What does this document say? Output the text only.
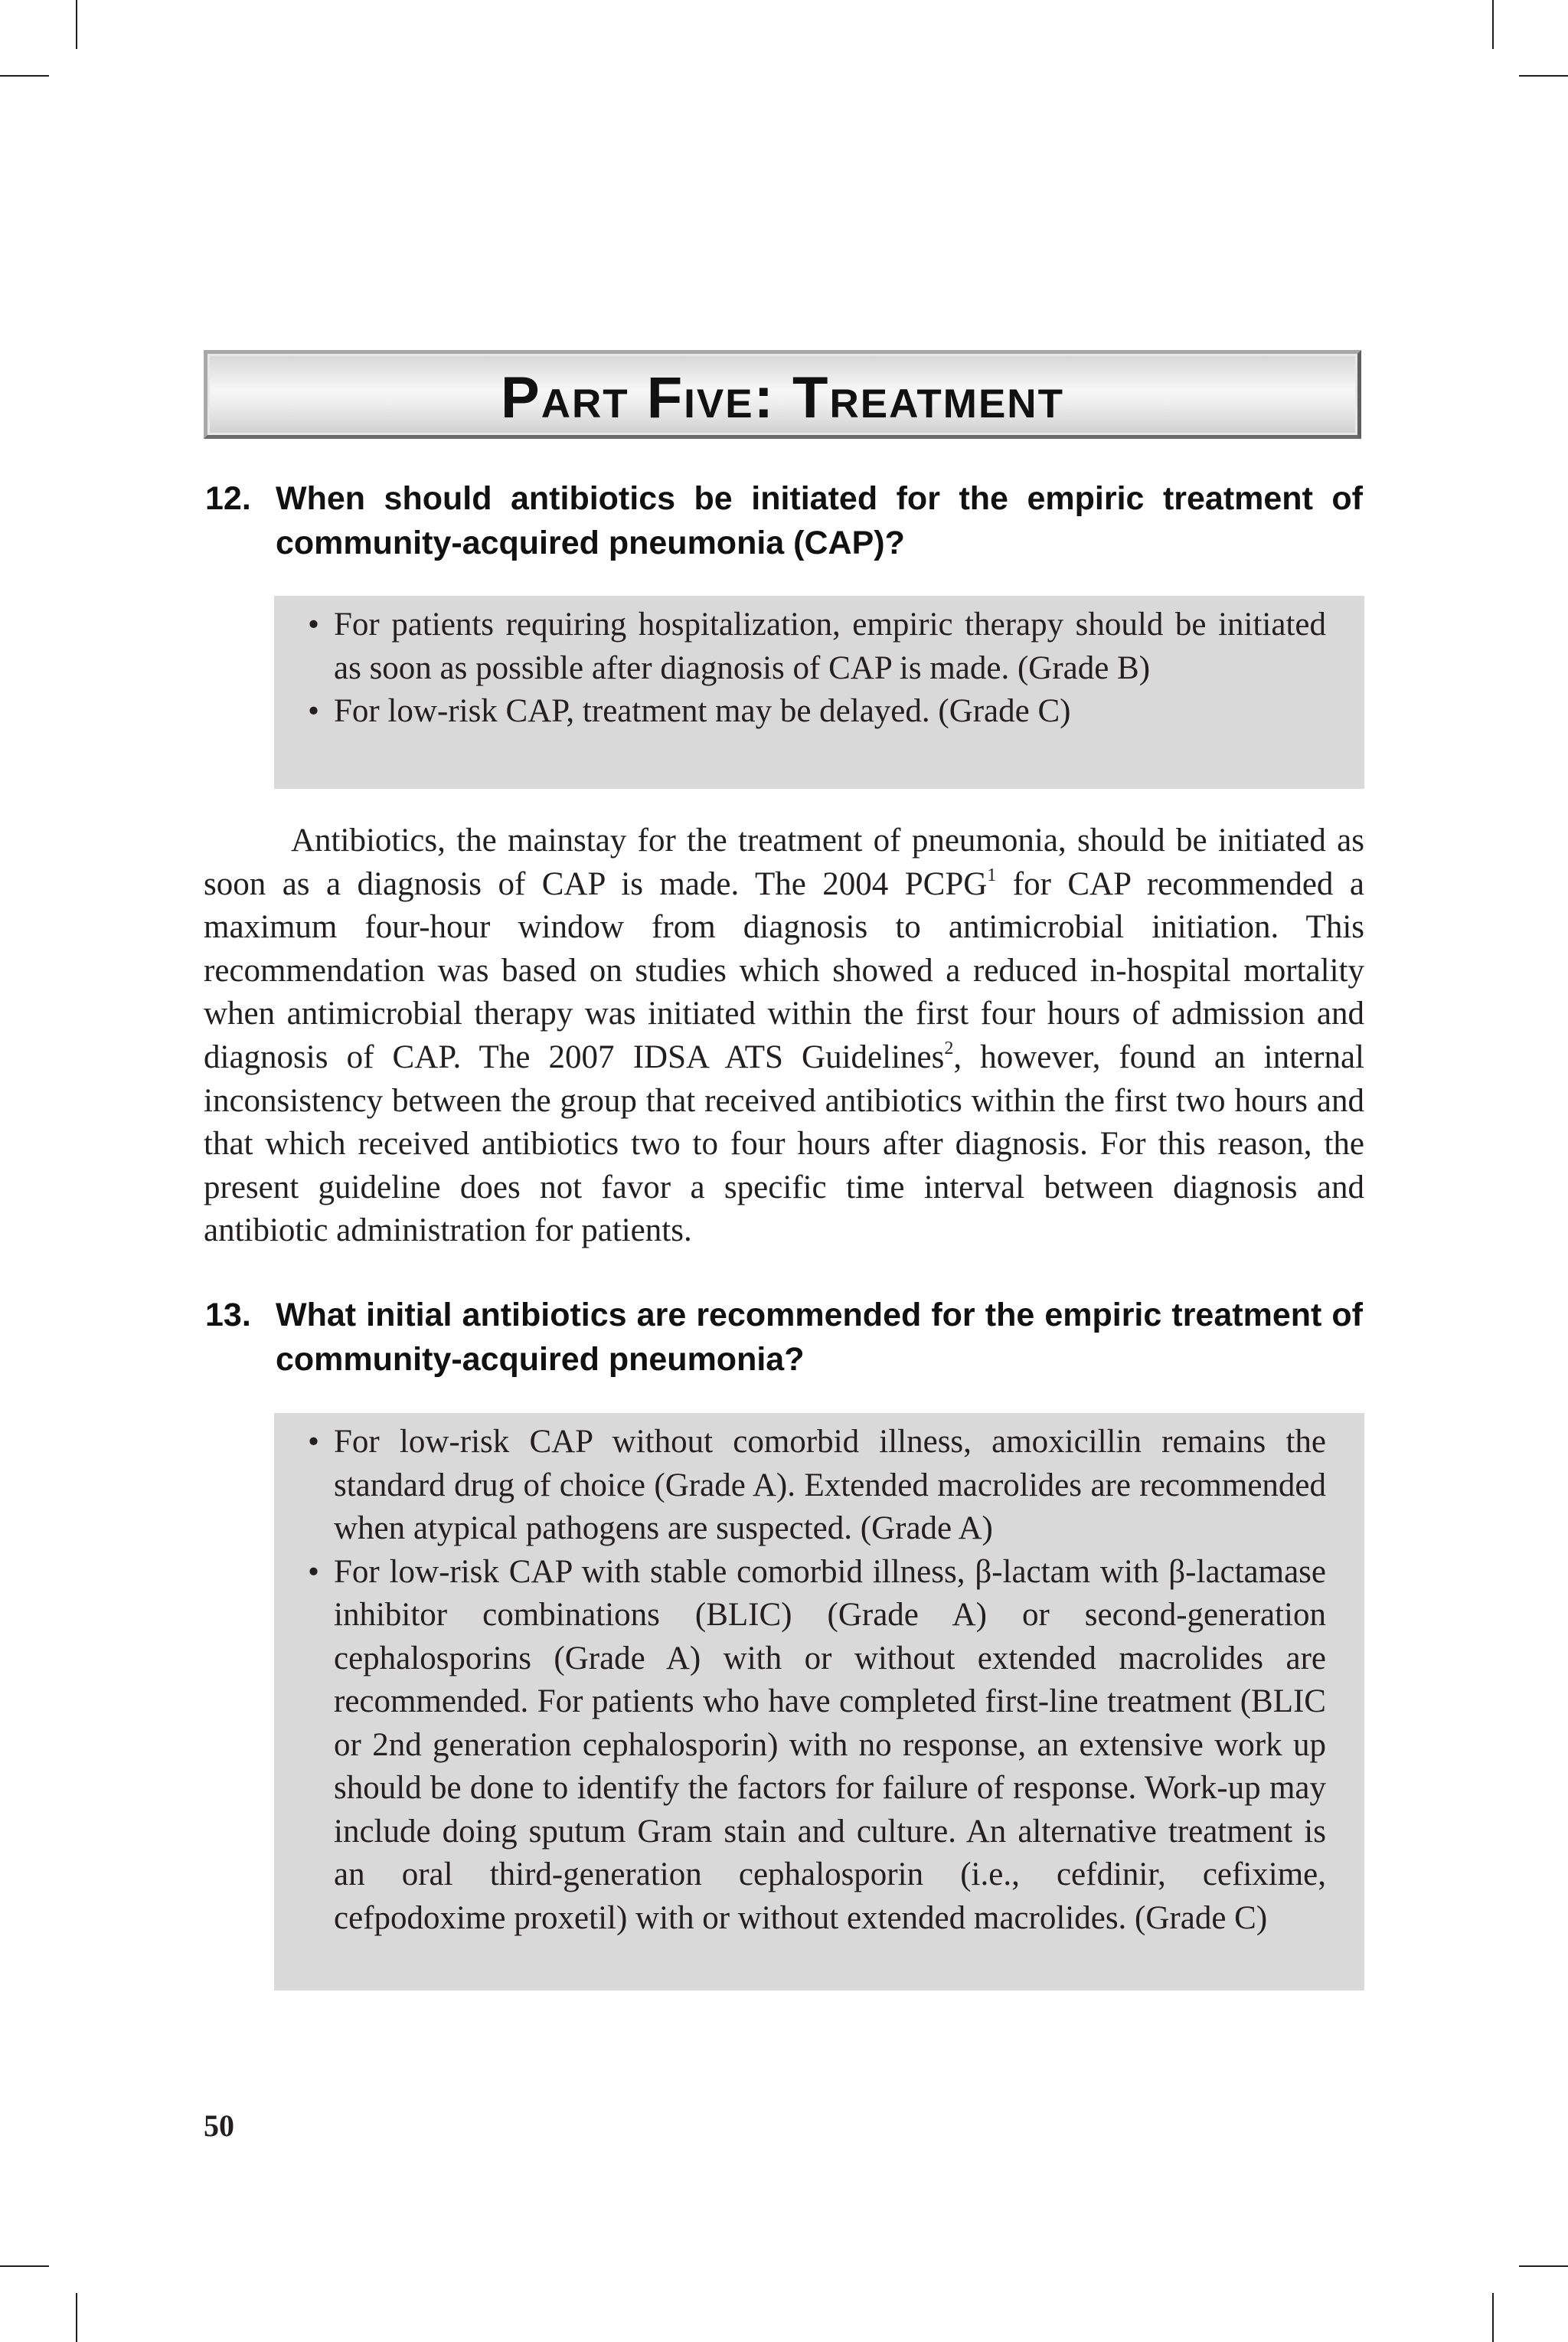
Part Five: Treatment
12. When should antibiotics be initiated for the empiric treatment of community-acquired pneumonia (CAP)?
• For patients requiring hospitalization, empiric therapy should be initiated as soon as possible after diagnosis of CAP is made. (Grade B)
• For low-risk CAP, treatment may be delayed. (Grade C)

Antibiotics, the mainstay for the treatment of pneumonia, should be initiated as soon as a diagnosis of CAP is made. The 2004 PCPG$^1$ for CAP recommended a maximum four-hour window from diagnosis to antimicrobial initiation. This recommendation was based on studies which showed a reduced in-hospital mortality when antimicrobial therapy was initiated within the first four hours of admission and diagnosis of CAP. The 2007 IDSA ATS Guidelines$^2$, however, found an internal inconsistency between the group that received antibiotics within the first two hours and that which received antibiotics two to four hours after diagnosis. For this reason, the present guideline does not favor a specific time interval between diagnosis and antibiotic administration for patients.

13. What initial antibiotics are recommended for the empiric treatment of community-acquired pneumonia?
• For low-risk CAP without comorbid illness, amoxicillin remains the standard drug of choice (Grade A). Extended macrolides are recommended when atypical pathogens are suspected. (Grade A)
• For low-risk CAP with stable comorbid illness, β-lactam with β-lactamase inhibitor combinations (BLIC) (Grade A) or second-generation cephalosporins (Grade A) with or without extended macrolides are recommended. For patients who have completed first-line treatment (BLIC or 2nd generation cephalosporin) with no response, an extensive work up should be done to identify the factors for failure of response. Work-up may include doing sputum Gram stain and culture. An alternative treatment is an oral third-generation cephalosporin (i.e., cefdinir, cefixime, cefpodoxime proxetil) with or without extended macrolides. (Grade C)
50
